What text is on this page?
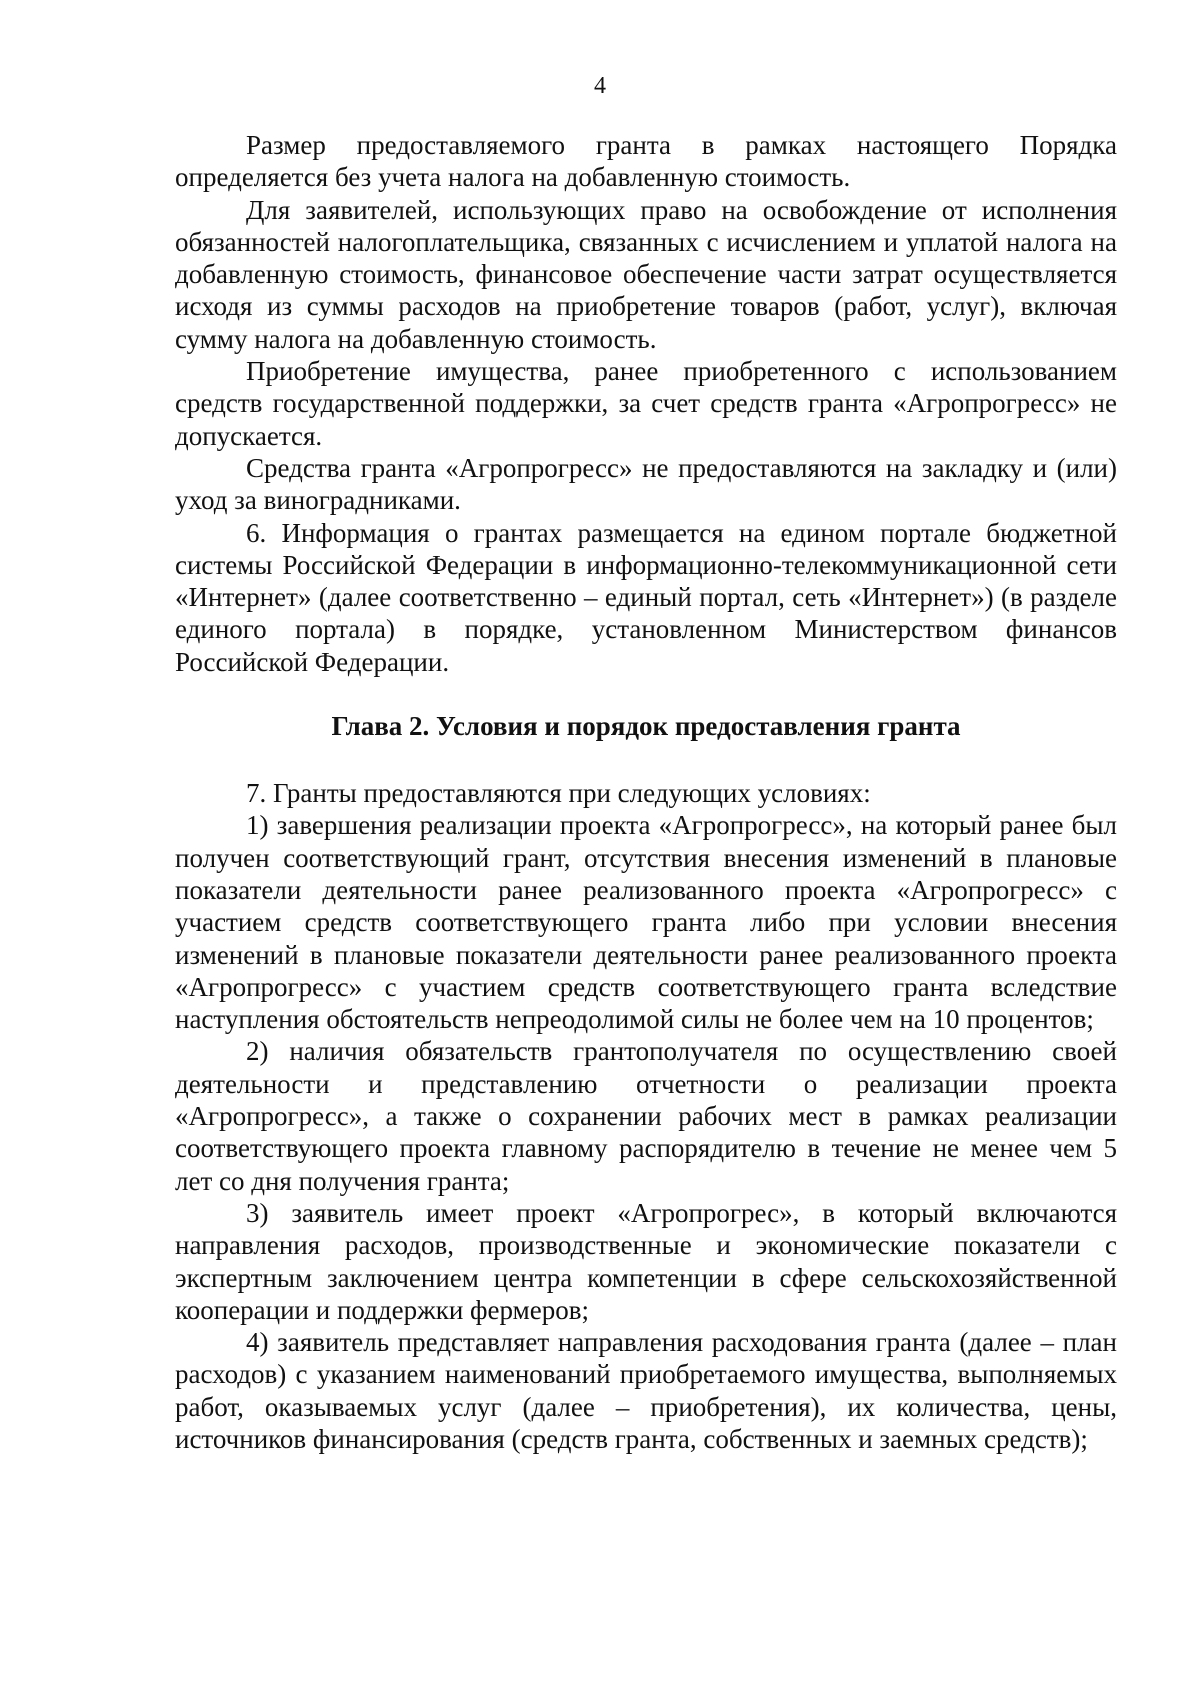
4

Размер предоставляемого гранта в рамках настоящего Порядка определяется без учета налога на добавленную стоимость.

Для заявителей, использующих право на освобождение от исполнения обязанностей налогоплательщика, связанных с исчислением и уплатой налога на добавленную стоимость, финансовое обеспечение части затрат осуществляется исходя из суммы расходов на приобретение товаров (работ, услуг), включая сумму налога на добавленную стоимость.

Приобретение имущества, ранее приобретенного с использованием средств государственной поддержки, за счет средств гранта «Агропрогресс» не допускается.

Средства гранта «Агропрогресс» не предоставляются на закладку и (или) уход за виноградниками.

6. Информация о грантах размещается на едином портале бюджетной системы Российской Федерации в информационно-телекоммуникационной сети «Интернет» (далее соответственно – единый портал, сеть «Интернет») (в разделе единого портала) в порядке, установленном Министерством финансов Российской Федерации.

Глава 2. Условия и порядок предоставления гранта

7. Гранты предоставляются при следующих условиях:

1) завершения реализации проекта «Агропрогресс», на который ранее был получен соответствующий грант, отсутствия внесения изменений в плановые показатели деятельности ранее реализованного проекта «Агропрогресс» с участием средств соответствующего гранта либо при условии внесения изменений в плановые показатели деятельности ранее реализованного проекта «Агропрогресс» с участием средств соответствующего гранта вследствие наступления обстоятельств непреодолимой силы не более чем на 10 процентов;

2) наличия обязательств грантополучателя по осуществлению своей деятельности и представлению отчетности о реализации проекта «Агропрогресс», а также о сохранении рабочих мест в рамках реализации соответствующего проекта главному распорядителю в течение не менее чем 5 лет со дня получения гранта;

3) заявитель имеет проект «Агропрогрес», в который включаются направления расходов, производственные и экономические показатели с экспертным заключением центра компетенции в сфере сельскохозяйственной кооперации и поддержки фермеров;

4) заявитель представляет направления расходования гранта (далее – план расходов) с указанием наименований приобретаемого имущества, выполняемых работ, оказываемых услуг (далее – приобретения), их количества, цены, источников финансирования (средств гранта, собственных и заемных средств);
